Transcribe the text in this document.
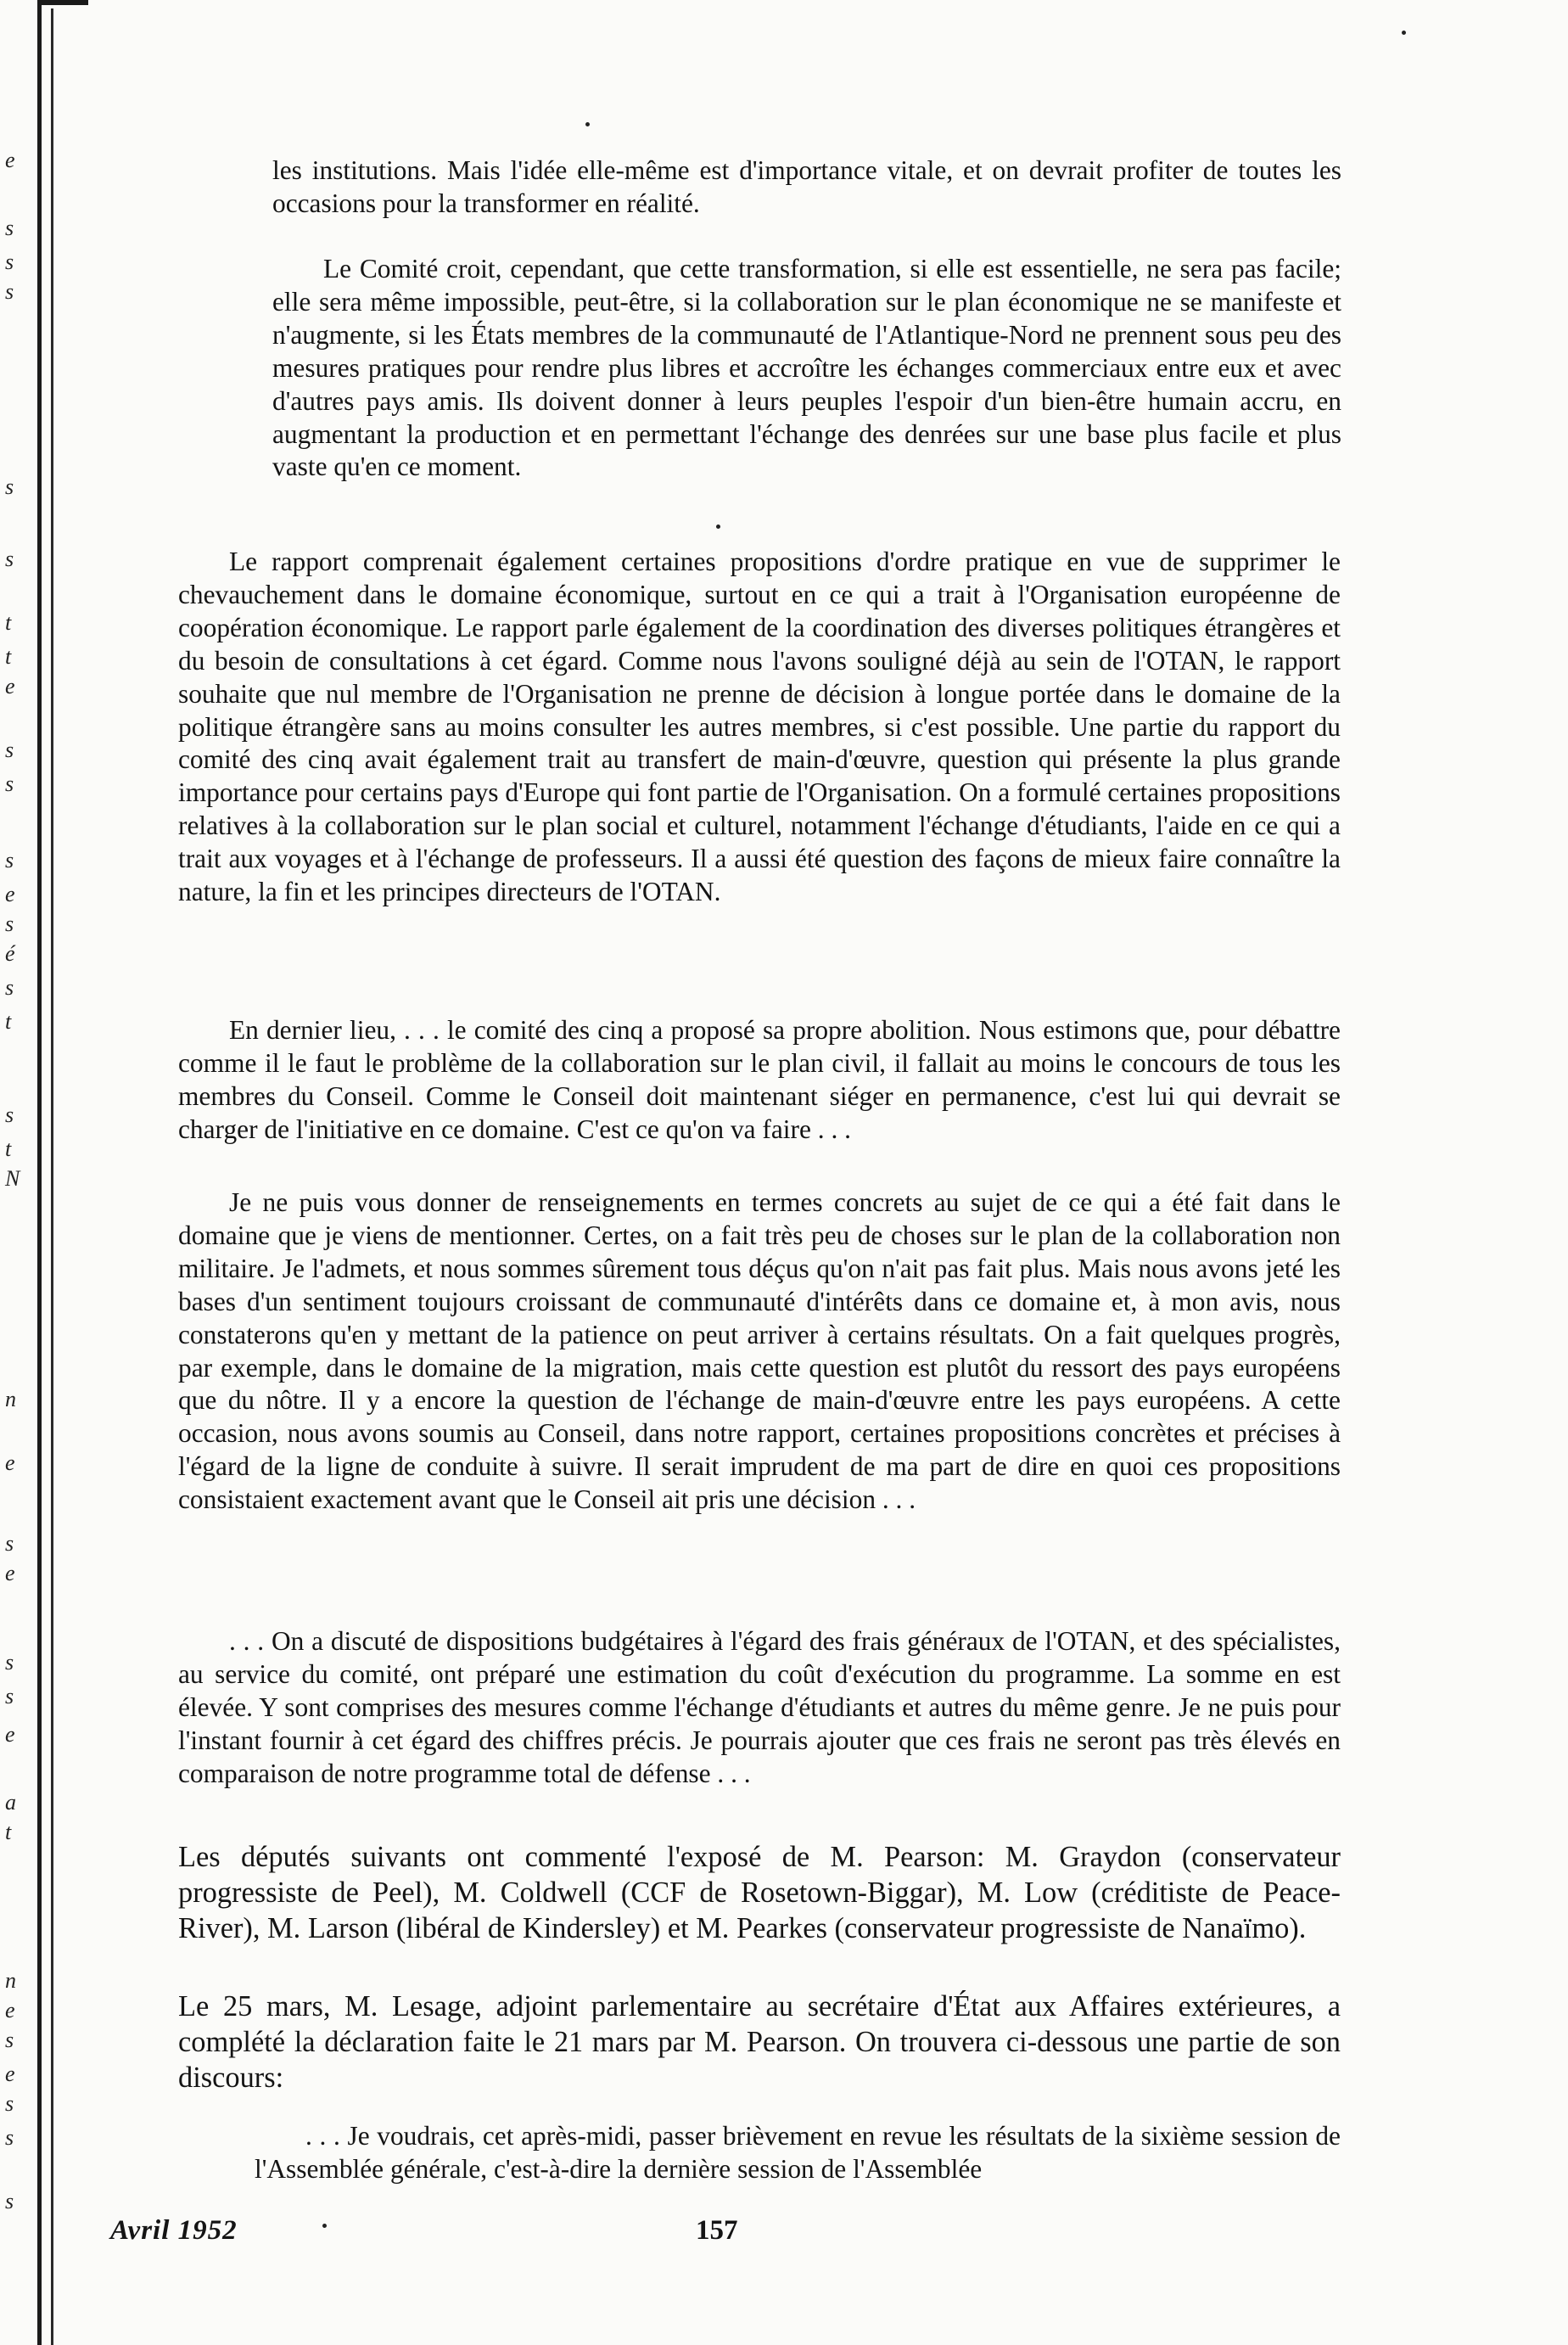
e
s
s
s
s
s
t
t
e
s
s
s
e
s
é
s
t
s
t
N
n
e
s
e
s
s
e
a
t
n
e
s
e
s
s
s

les institutions. Mais l'idée elle-même est d'importance vitale, et on devrait profiter de toutes les occasions pour la transformer en réalité.

Le Comité croit, cependant, que cette transformation, si elle est essentielle, ne sera pas facile; elle sera même impossible, peut-être, si la collaboration sur le plan économique ne se manifeste et n'augmente, si les États membres de la communauté de l'Atlantique-Nord ne prennent sous peu des mesures pratiques pour rendre plus libres et accroître les échanges commerciaux entre eux et avec d'autres pays amis. Ils doivent donner à leurs peuples l'espoir d'un bien-être humain accru, en augmentant la production et en permettant l'échange des denrées sur une base plus facile et plus vaste qu'en ce moment.

Le rapport comprenait également certaines propositions d'ordre pratique en vue de supprimer le chevauchement dans le domaine économique, surtout en ce qui a trait à l'Organisation européenne de coopération économique. Le rapport parle également de la coordination des diverses politiques étrangères et du besoin de consultations à cet égard. Comme nous l'avons souligné déjà au sein de l'OTAN, le rapport souhaite que nul membre de l'Organisation ne prenne de décision à longue portée dans le domaine de la politique étrangère sans au moins consulter les autres membres, si c'est possible. Une partie du rapport du comité des cinq avait également trait au transfert de main-d'œuvre, question qui présente la plus grande importance pour certains pays d'Europe qui font partie de l'Organisation. On a formulé certaines propositions relatives à la collaboration sur le plan social et culturel, notamment l'échange d'étudiants, l'aide en ce qui a trait aux voyages et à l'échange de professeurs. Il a aussi été question des façons de mieux faire connaître la nature, la fin et les principes directeurs de l'OTAN.

En dernier lieu, . . . le comité des cinq a proposé sa propre abolition. Nous estimons que, pour débattre comme il le faut le problème de la collaboration sur le plan civil, il fallait au moins le concours de tous les membres du Conseil. Comme le Conseil doit maintenant siéger en permanence, c'est lui qui devrait se charger de l'initiative en ce domaine. C'est ce qu'on va faire . . .

Je ne puis vous donner de renseignements en termes concrets au sujet de ce qui a été fait dans le domaine que je viens de mentionner. Certes, on a fait très peu de choses sur le plan de la collaboration non militaire. Je l'admets, et nous sommes sûrement tous déçus qu'on n'ait pas fait plus. Mais nous avons jeté les bases d'un sentiment toujours croissant de communauté d'intérêts dans ce domaine et, à mon avis, nous constaterons qu'en y mettant de la patience on peut arriver à certains résultats. On a fait quelques progrès, par exemple, dans le domaine de la migration, mais cette question est plutôt du ressort des pays européens que du nôtre. Il y a encore la question de l'échange de main-d'œuvre entre les pays européens. A cette occasion, nous avons soumis au Conseil, dans notre rapport, certaines propositions concrètes et précises à l'égard de la ligne de conduite à suivre. Il serait imprudent de ma part de dire en quoi ces propositions consistaient exactement avant que le Conseil ait pris une décision . . .

. . . On a discuté de dispositions budgétaires à l'égard des frais généraux de l'OTAN, et des spécialistes, au service du comité, ont préparé une estimation du coût d'exécution du programme. La somme en est élevée. Y sont comprises des mesures comme l'échange d'étudiants et autres du même genre. Je ne puis pour l'instant fournir à cet égard des chiffres précis. Je pourrais ajouter que ces frais ne seront pas très élevés en comparaison de notre programme total de défense . . .

Les députés suivants ont commenté l'exposé de M. Pearson: M. Graydon (conservateur progressiste de Peel), M. Coldwell (CCF de Rosetown-Biggar), M. Low (créditiste de Peace-River), M. Larson (libéral de Kindersley) et M. Pearkes (conservateur progressiste de Nanaïmo).

Le 25 mars, M. Lesage, adjoint parlementaire au secrétaire d'État aux Affaires extérieures, a complété la déclaration faite le 21 mars par M. Pearson. On trouvera ci-dessous une partie de son discours:

. . . Je voudrais, cet après-midi, passer brièvement en revue les résultats de la sixième session de l'Assemblée générale, c'est-à-dire la dernière session de l'Assemblée

Avril 1952	157
